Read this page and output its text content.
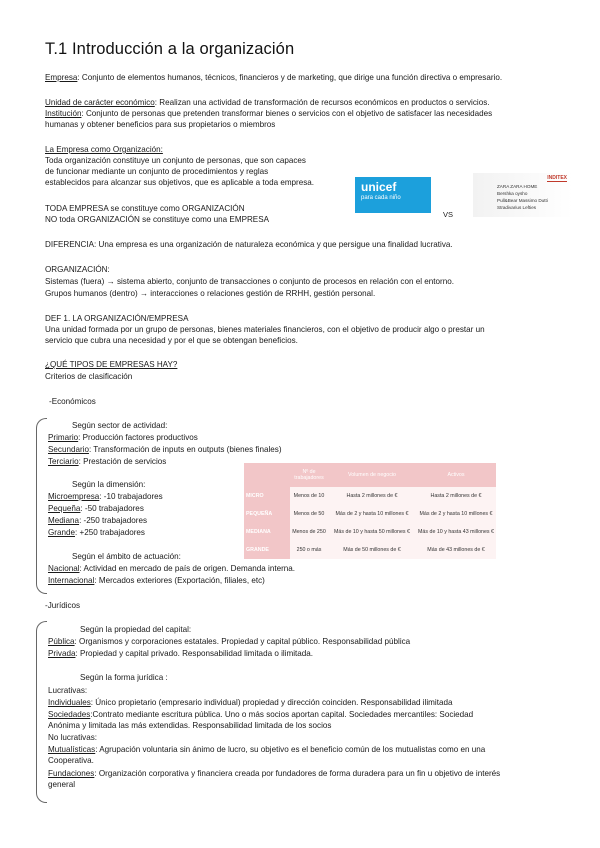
T.1 Introducción a la organización
Empresa: Conjunto de elementos humanos, técnicos, financieros y de marketing, que dirige una función directiva o empresario.
Unidad de carácter económico: Realizan una actividad de transformación de recursos económicos en productos o servicios.
Institución: Conjunto de personas que pretenden transformar bienes o servicios con el objetivo de satisfacer las necesidades
humanas y obtener beneficios para sus propietarios o miembros
La Empresa como Organización:
Toda organización constituye un conjunto de personas, que son capaces
de funcionar mediante un conjunto de procedimientos y reglas
establecidos para alcanzar sus objetivos, que es aplicable a toda empresa.	unicef
para cada niño
VS
INDITEX
ZARA ZARA HOME
Bershka oysho
Pull&Bear Massimo Dutti
Stradivarius Lefties
TODA EMPRESA se constituye como ORGANIZACIÓN
NO toda ORGANIZACIÓN se constituye como una EMPRESA
DIFERENCIA: Una empresa es una organización de naturaleza económica y que persigue una finalidad lucrativa.
ORGANIZACIÓN:
Sistemas (fuera) → sistema abierto, conjunto de transacciones o conjunto de procesos en relación con el entorno.
Grupos humanos (dentro) → interacciones o relaciones gestión de RRHH, gestión personal.
DEF 1. LA ORGANIZACIÓN/EMPRESA
Una unidad formada por un grupo de personas, bienes materiales financieros, con el objetivo de producir algo o prestar un
servicio que cubra una necesidad y por el que se obtengan beneficios.
¿QUÉ TIPOS DE EMPRESAS HAY?
Criterios de clasificación
-Económicos
Según sector de actividad:
Primario: Producción factores productivos
Secundario: Transformación de inputs en outputs (bienes finales)
Terciario: Prestación de servicios
Según la dimensión:
Microempresa: -10 trabajadores
Pequeña: -50 trabajadores
Mediana: -250 trabajadores
Grande: +250 trabajadores
	Nº de trabajadores	Volumen de negocio	Activos
MICRO	Menos de 10	Hasta 2 millones de €	Hasta 2 millones de €
PEQUEÑA	Menos de 50	Más de 2 y hasta 10 millones €	Más de 2 y hasta 10 millones €
MEDIANA	Menos de 250	Más de 10 y hasta 50 millones €	Más de 10 y hasta 43 millones €
GRANDE	250 o más	Más de 50 millones de €	Más de 43 millones de €
Según el ámbito de actuación:
Nacional: Actividad en mercado de país de origen. Demanda interna.
Internacional: Mercados exteriores (Exportación, filiales, etc)
-Jurídicos
Según la propiedad del capital:
Pública: Organismos y corporaciones estatales. Propiedad y capital público. Responsabilidad pública
Privada: Propiedad y capital privado. Responsabilidad limitada o ilimitada.
Según la forma jurídica :
Lucrativas:
Individuales: Único propietario (empresario individual) propiedad y dirección coinciden. Responsabilidad ilimitada
Sociedades:Contrato mediante escritura pública. Uno o más socios aportan capital. Sociedades mercantiles: Sociedad
Anónima y limitada las más extendidas. Responsabilidad limitada de los socios
No lucrativas:
Mutualísticas: Agrupación voluntaria sin ánimo de lucro, su objetivo es el beneficio común de los mutualistas como en una
Cooperativa.
Fundaciones: Organización corporativa y financiera creada por fundadores de forma duradera para un fin u objetivo de interés
general
